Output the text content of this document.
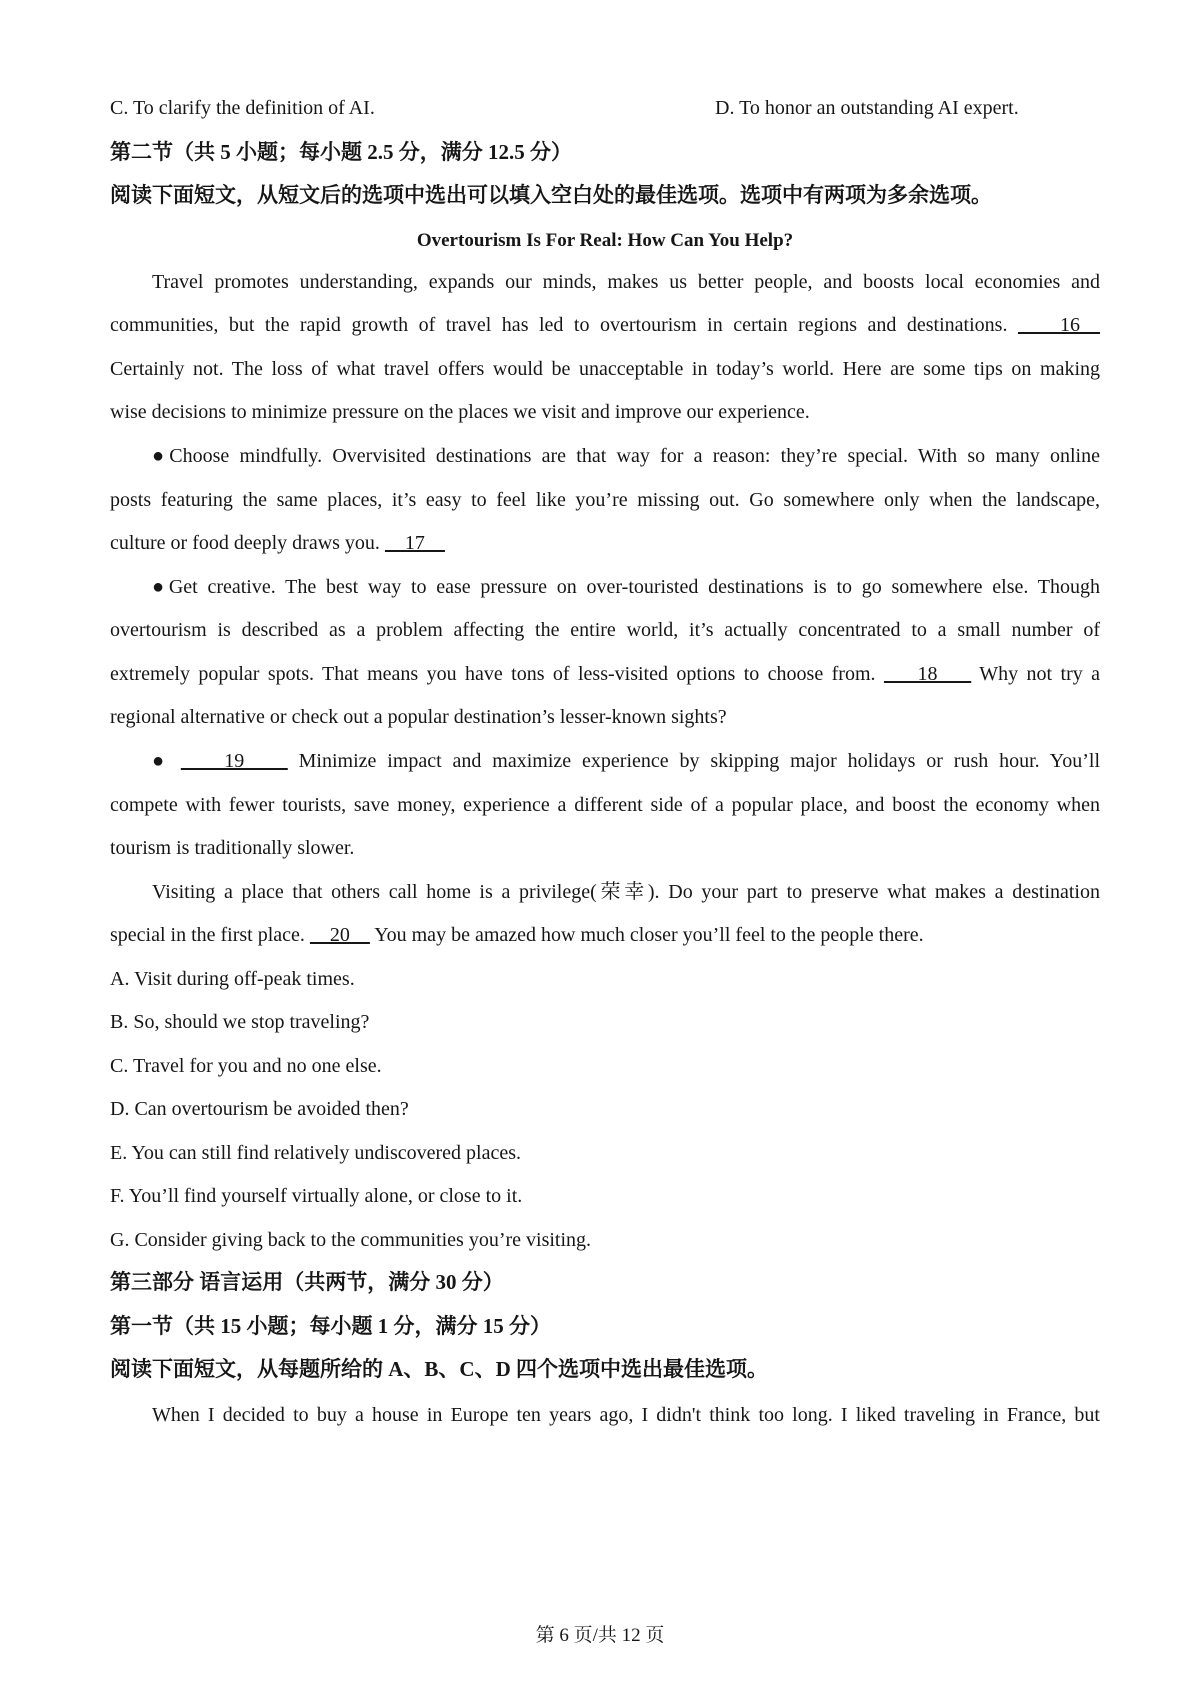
C. To clarify the definition of AI.	D. To honor an outstanding AI expert.
第二节（共 5 小题；每小题 2.5 分，满分 12.5 分）
阅读下面短文，从短文后的选项中选出可以填入空白处的最佳选项。选项中有两项为多余选项。
Overtourism Is For Real: How Can You Help?
Travel promotes understanding, expands our minds, makes us better people, and boosts local economies and
communities, but the rapid growth of travel has led to overtourism in certain regions and destinations.     16
Certainly not. The loss of what travel offers would be unacceptable in today’s world. Here are some tips on making
wise decisions to minimize pressure on the places we visit and improve our experience.
●Choose mindfully. Overvisited destinations are that way for a reason: they’re special. With so many online
posts featuring the same places, it’s easy to feel like you’re missing out. Go somewhere only when the landscape,
culture or food deeply draws you.     17
●Get creative. The best way to ease pressure on over-touristed destinations is to go somewhere else. Though
overtourism is described as a problem affecting the entire world, it’s actually concentrated to a small number of
extremely popular spots. That means you have tons of less-visited options to choose from.     18     Why not try a
regional alternative or check out a popular destination’s lesser-known sights?
●     19     Minimize impact and maximize experience by skipping major holidays or rush hour. You’ll
compete with fewer tourists, save money, experience a different side of a popular place, and boost the economy when
tourism is traditionally slower.
Visiting a place that others call home is a privilege(荣幸). Do your part to preserve what makes a destination
special in the first place.     20     You may be amazed how much closer you’ll feel to the people there.
A. Visit during off-peak times.
B. So, should we stop traveling?
C. Travel for you and no one else.
D. Can overtourism be avoided then?
E. You can still find relatively undiscovered places.
F. You’ll find yourself virtually alone, or close to it.
G. Consider giving back to the communities you’re visiting.
第三部分 语言运用（共两节，满分 30 分）
第一节（共 15 小题；每小题 1 分，满分 15 分）
阅读下面短文，从每题所给的 A、B、C、D 四个选项中选出最佳选项。
When I decided to buy a house in Europe ten years ago, I didn't think too long. I liked traveling in France, but
第 6 页/共 12 页
